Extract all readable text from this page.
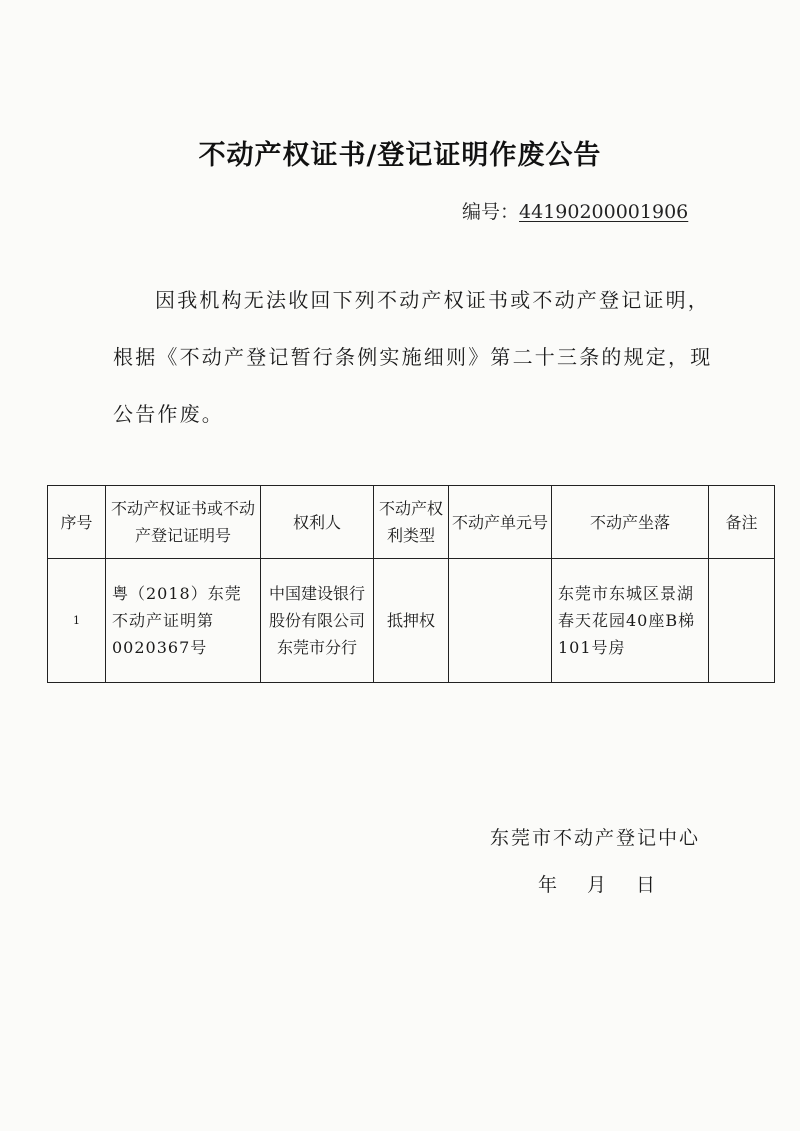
不动产权证书/登记证明作废公告
编号：44190200001906
因我机构无法收回下列不动产权证书或不动产登记证明，根据《不动产登记暂行条例实施细则》第二十三条的规定，现公告作废。
序号	不动产权证书或不动产登记证明号	权利人	不动产权利类型	不动产单元号	不动产坐落	备注
1	粤（2018）东莞不动产证明第0020367号	中国建设银行股份有限公司东莞市分行	抵押权		东莞市东城区景湖春天花园40座B梯101号房	
东莞市不动产登记中心
年 月 日
